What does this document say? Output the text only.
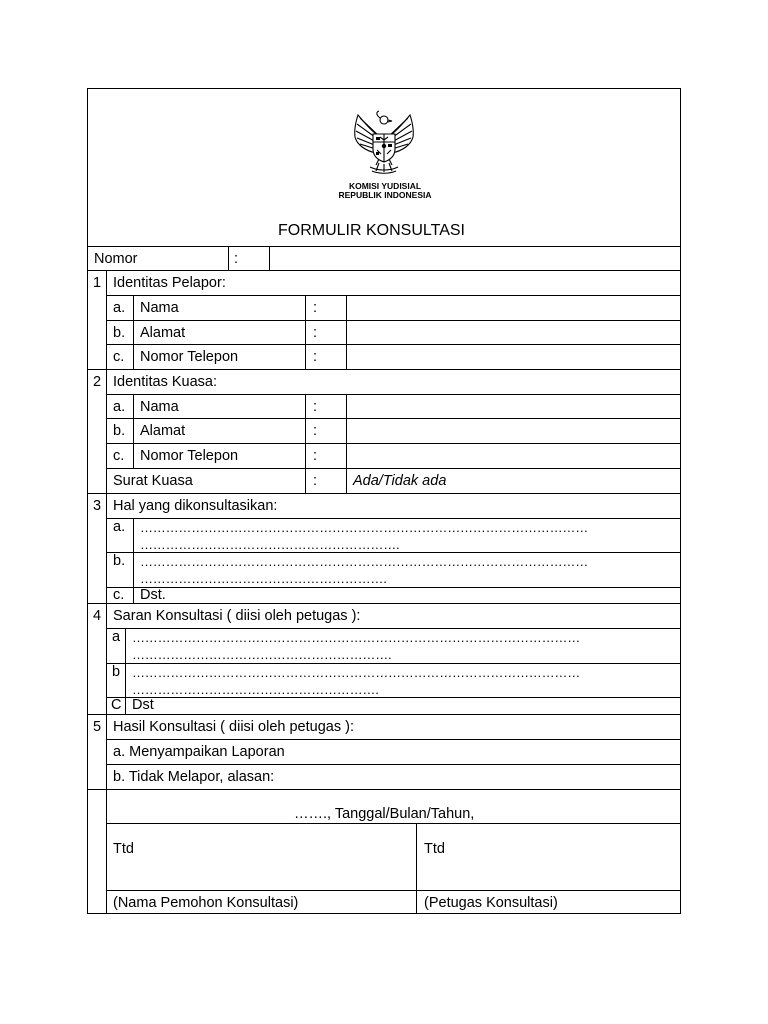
KOMISI YUDISIAL
REPUBLIK INDONESIA
FORMULIR KONSULTASI
Nomor	:
1 Identitas Pelapor:
a. Nama	:
b. Alamat	:
c. Nomor Telepon	:
2 Identitas Kuasa:
a. Nama	:
b. Alamat	:
c. Nomor Telepon	:
Surat Kuasa	: Ada/Tidak ada
3 Hal yang dikonsultasikan:
a. ……………………………………………………………………………………………
…………………………………………………….
b. ……………………………………………………………………………………………
………………………………………………….
c. Dst.
4 Saran Konsultasi ( diisi oleh petugas ):
a ……………………………………………………………………………………………
…………………………………………………….
b ……………………………………………………………………………………………
………………………………………………….
C Dst
5 Hasil Konsultasi ( diisi oleh petugas ):
a. Menyampaikan Laporan
b. Tidak Melapor, alasan:
……., Tanggal/Bulan/Tahun,
Ttd	Ttd
(Nama Pemohon Konsultasi)	(Petugas Konsultasi)
